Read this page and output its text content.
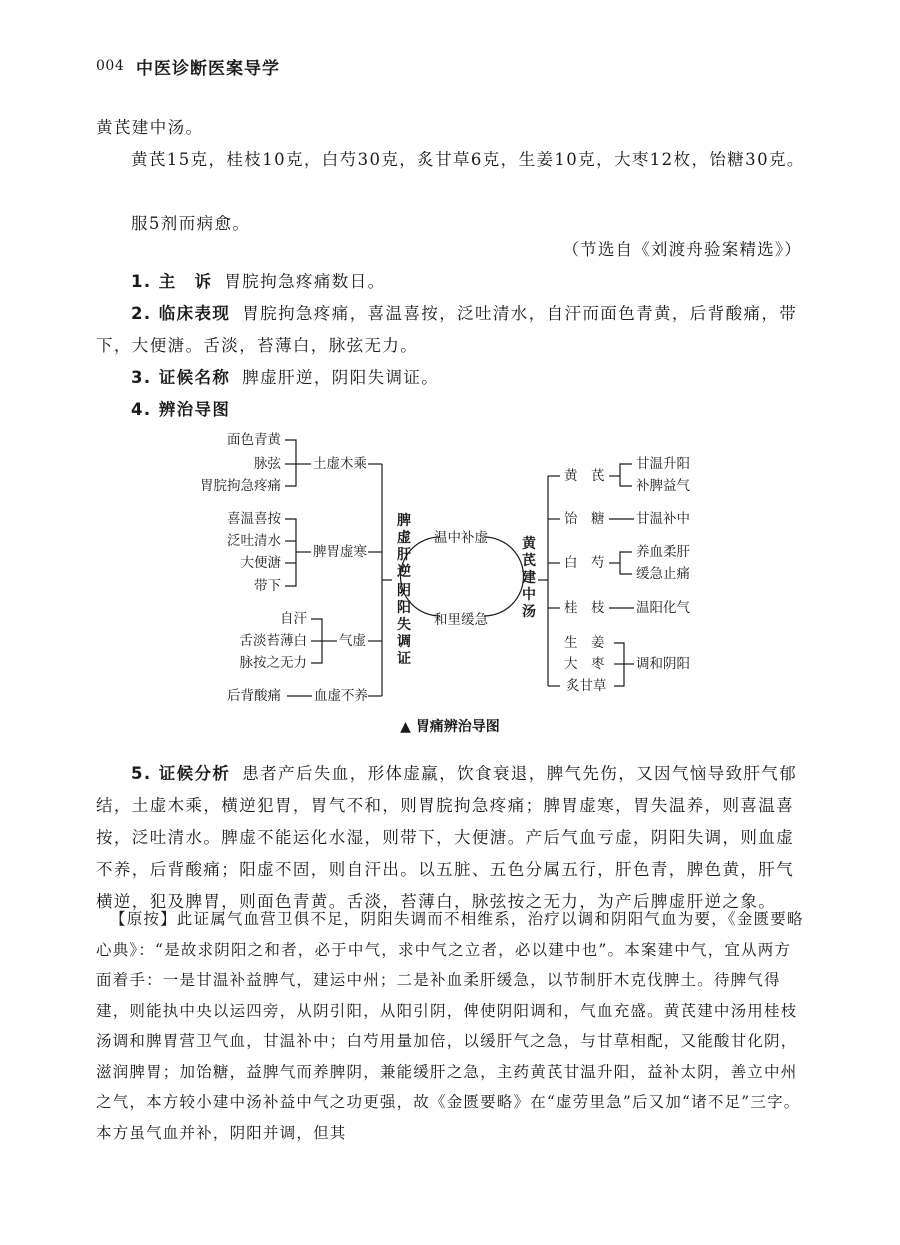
004 中医诊断医案导学

黄芪建中汤。

黄芪15克，桂枝10克，白芍30克，炙甘草6克，生姜10克，大枣12枚，饴糖30克。

服5剂而病愈。

（节选自《刘渡舟验案精选》）

1. 主　诉 胃脘拘急疼痛数日。

2. 临床表现 胃脘拘急疼痛，喜温喜按，泛吐清水，自汗而面色青黄，后背酸痛，带下，大便溏。舌淡，苔薄白，脉弦无力。

3. 证候名称 脾虚肝逆，阴阳失调证。

4. 辨治导图

面色青黄
脉弦
胃脘拘急疼痛
喜温喜按
泛吐清水
大便溏
带下
自汗
舌淡苔薄白
脉按之无力
后背酸痛
土虚木乘
脾胃虚寒
气虚
血虚不养
脾虚肝逆
阴阳失调证
温中补虚
和里缓急
黄芪建中汤
黄　芪
饴　糖
白　芍
桂　枝
生　姜
大　枣
炙甘草
甘温升阳
补脾益气
甘温补中
养血柔肝
缓急止痛
温阳化气
调和阴阳
▲ 胃痛辨治导图

5. 证候分析 患者产后失血，形体虚羸，饮食衰退，脾气先伤，又因气恼导致肝气郁结，土虚木乘，横逆犯胃，胃气不和，则胃脘拘急疼痛；脾胃虚寒，胃失温养，则喜温喜按，泛吐清水。脾虚不能运化水湿，则带下，大便溏。产后气血亏虚，阴阳失调，则血虚不养，后背酸痛；阳虚不固，则自汗出。以五脏、五色分属五行，肝色青，脾色黄，肝气横逆，犯及脾胃，则面色青黄。舌淡，苔薄白，脉弦按之无力，为产后脾虚肝逆之象。

【原按】此证属气血营卫俱不足，阴阳失调而不相维系，治疗以调和阴阳气血为要，《金匮要略心典》：“是故求阴阳之和者，必于中气，求中气之立者，必以建中也”。本案建中气，宜从两方面着手：一是甘温补益脾气，建运中州；二是补血柔肝缓急，以节制肝木克伐脾土。待脾气得建，则能执中央以运四旁，从阴引阳，从阳引阴，俾使阴阳调和，气血充盛。黄芪建中汤用桂枝汤调和脾胃营卫气血，甘温补中；白芍用量加倍，以缓肝气之急，与甘草相配，又能酸甘化阴，滋润脾胃；加饴糖，益脾气而养脾阴，兼能缓肝之急，主药黄芪甘温升阳，益补太阴，善立中州之气，本方较小建中汤补益中气之功更强，故《金匮要略》在“虚劳里急”后又加“诸不足”三字。本方虽气血并补，阴阳并调，但其
